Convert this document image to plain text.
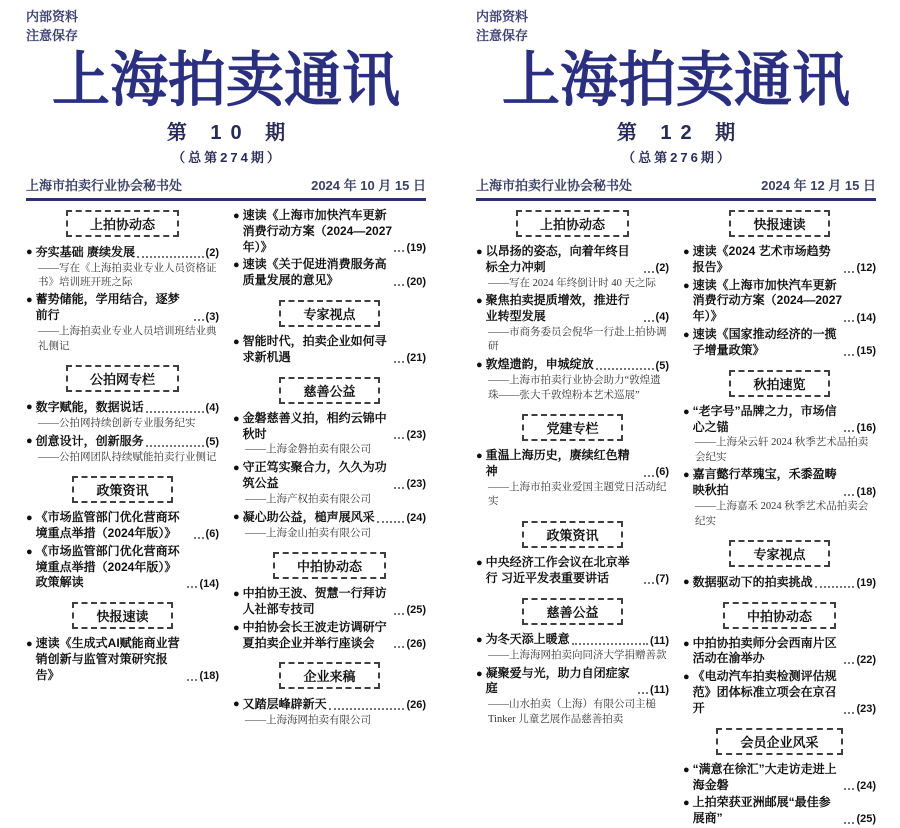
内部资料
注意保存
上海拍卖通讯
第 10 期
（总第274期）
上海市拍卖行业协会秘书处	2024 年 10 月 15 日
上拍协动态
● 夯实基础 赓续发展	(2)
——写在《上海拍卖业专业人员资格证书》培训班开班之际
● 蓄势储能，学用结合，逐梦前行	(3)
——上海拍卖业专业人员培训班结业典礼侧记
公拍网专栏
● 数字赋能，数据说话	(4)
——公拍网持续创新专业服务纪实
● 创意设计，创新服务	(5)
——公拍网团队持续赋能拍卖行业侧记
政策资讯
● 《市场监管部门优化营商环境重点举措（2024年版）》	(6)
● 《市场监管部门优化营商环境重点举措（2024年版）》政策解读	(14)
快报速读
● 速读《生成式AI赋能商业营销创新与监管对策研究报告》	(18)
● 速读《上海市加快汽车更新消费行动方案（2024—2027年）》	(19)
● 速读《关于促进消费服务高质量发展的意见》	(20)
专家视点
● 智能时代，拍卖企业如何寻求新机遇	(21)
慈善公益
● 金磐慈善义拍，相约云锦中秋时	(23)
——上海金磐拍卖有限公司
● 守正笃实聚合力，久久为功筑公益	(23)
——上海产权拍卖有限公司
● 凝心助公益，槌声展风采	(24)
——上海金山拍卖有限公司
中拍协动态
● 中拍协王波、贺慧一行拜访人社部专技司	(25)
● 中拍协会长王波走访调研宁夏拍卖企业并举行座谈会	(26)
企业来稿
● 又踏层峰辟新天	(26)
——上海海网拍卖有限公司
内部资料
注意保存
上海拍卖通讯
第 12 期
（总第276期）
上海市拍卖行业协会秘书处	2024 年 12 月 15 日
上拍协动态
● 以昂扬的姿态，向着年终目标全力冲刺	(2)
——写在 2024 年终倒计时 40 天之际
● 聚焦拍卖提质增效，推进行业转型发展	(4)
——市商务委员会倪华一行赴上拍协调研
● 敦煌遗韵，申城绽放	(5)
——上海市拍卖行业协会助力“敦煌遗珠——张大千敦煌粉本艺术巡展”
党建专栏
● 重温上海历史，赓续红色精神	(6)
——上海市拍卖业爱国主题党日活动纪实
政策资讯
● 中央经济工作会议在北京举行 习近平发表重要讲话	(7)
慈善公益
● 为冬天添上暖意	(11)
——上海海网拍卖向同济大学捐赠善款
● 凝聚爱与光，助力自闭症家庭	(11)
——山水拍卖（上海）有限公司主槌 Tinker 儿童艺展作品慈善拍卖
快报速读
● 速读《2024 艺术市场趋势报告》	(12)
● 速读《上海市加快汽车更新消费行动方案（2024—2027年）》	(14)
● 速读《国家推动经济的一揽子增量政策》	(15)
秋拍速览
● “老字号”品牌之力，市场信心之锚	(16)
——上海朵云轩 2024 秋季艺术品拍卖会纪实
● 嘉言懿行萃瑰宝，禾黍盈畴映秋拍	(18)
——上海嘉禾 2024 秋季艺术品拍卖会纪实
专家视点
● 数据驱动下的拍卖挑战	(19)
中拍协动态
● 中拍协拍卖师分会西南片区活动在渝举办	(22)
● 《电动汽车拍卖检测评估规范》团体标准立项会在京召开	(23)
会员企业风采
● “满意在徐汇”大走访走进上海金磐	(24)
● 上拍荣获亚洲邮展“最佳参展商”	(25)
